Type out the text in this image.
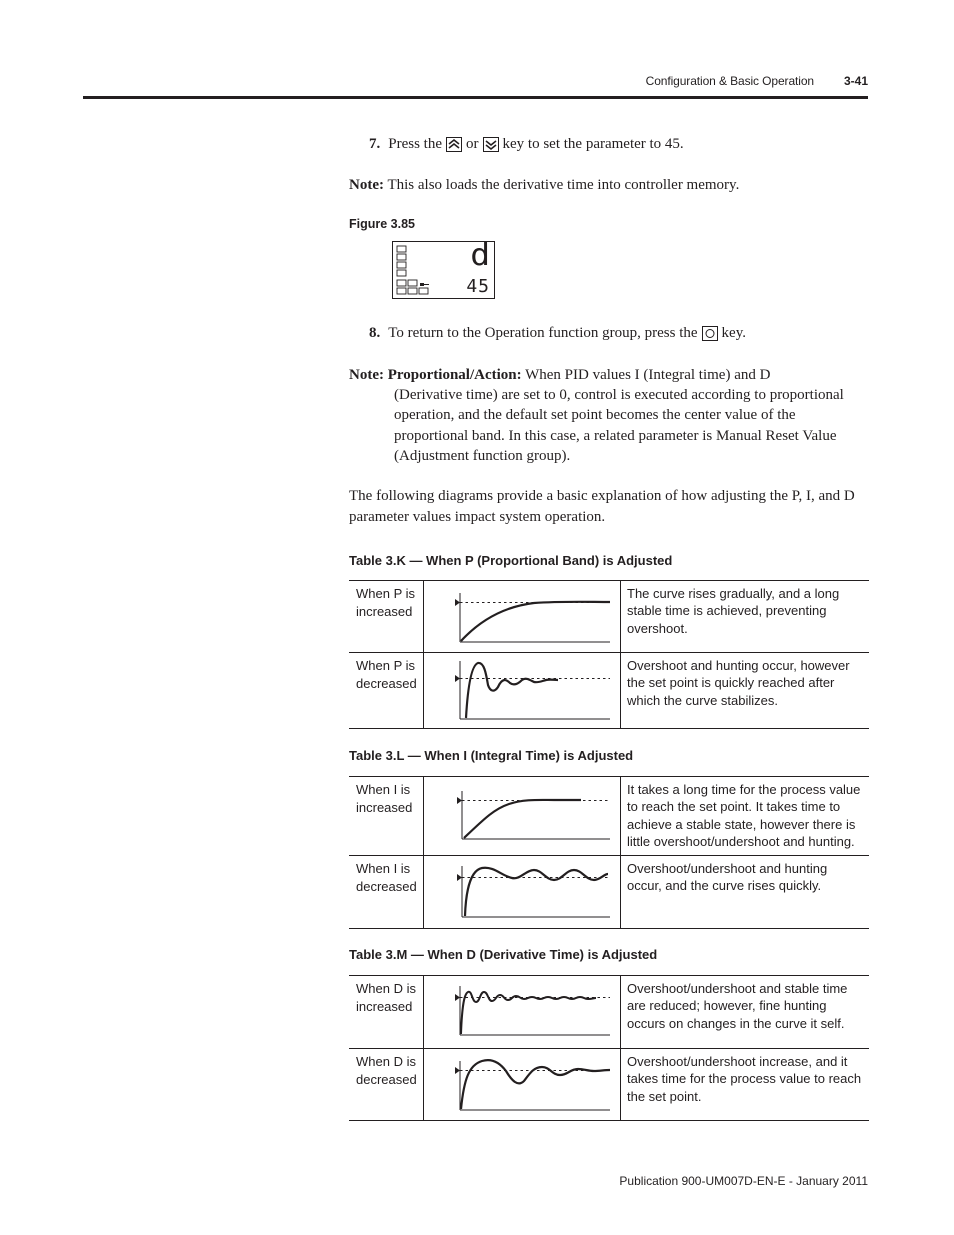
Configuration & Basic Operation	3-41
7. Press the or key to set the parameter to 45.
Note: This also loads the derivative time into controller memory.
Figure 3.85
d
45
8. To return to the Operation function group, press the key.
Note: Proportional/Action: When PID values I (Integral time) and D
(Derivative time) are set to 0, control is executed according to proportional operation, and the default set point becomes the center value of the proportional band. In this case, a related parameter is Manual Reset Value (Adjustment function group).
The following diagrams provide a basic explanation of how adjusting the P, I, and D parameter values impact system operation.
Table 3.K — When P (Proportional Band) is Adjusted
When P is increased
The curve rises gradually, and a long stable time is achieved, preventing overshoot.
When P is decreased
Overshoot and hunting occur, however the set point is quickly reached after which the curve stabilizes.
Table 3.L — When I (Integral Time) is Adjusted
When I is increased
It takes a long time for the process value to reach the set point. It takes time to achieve a stable state, however there is little overshoot/undershoot and hunting.
When I is decreased
Overshoot/undershoot and hunting occur, and the curve rises quickly.
Table 3.M — When D (Derivative Time) is Adjusted
When D is increased
Overshoot/undershoot and stable time are reduced; however, fine hunting occurs on changes in the curve it self.
When D is decreased
Overshoot/undershoot increase, and it takes time for the process value to reach the set point.
Publication 900-UM007D-EN-E - January 2011
